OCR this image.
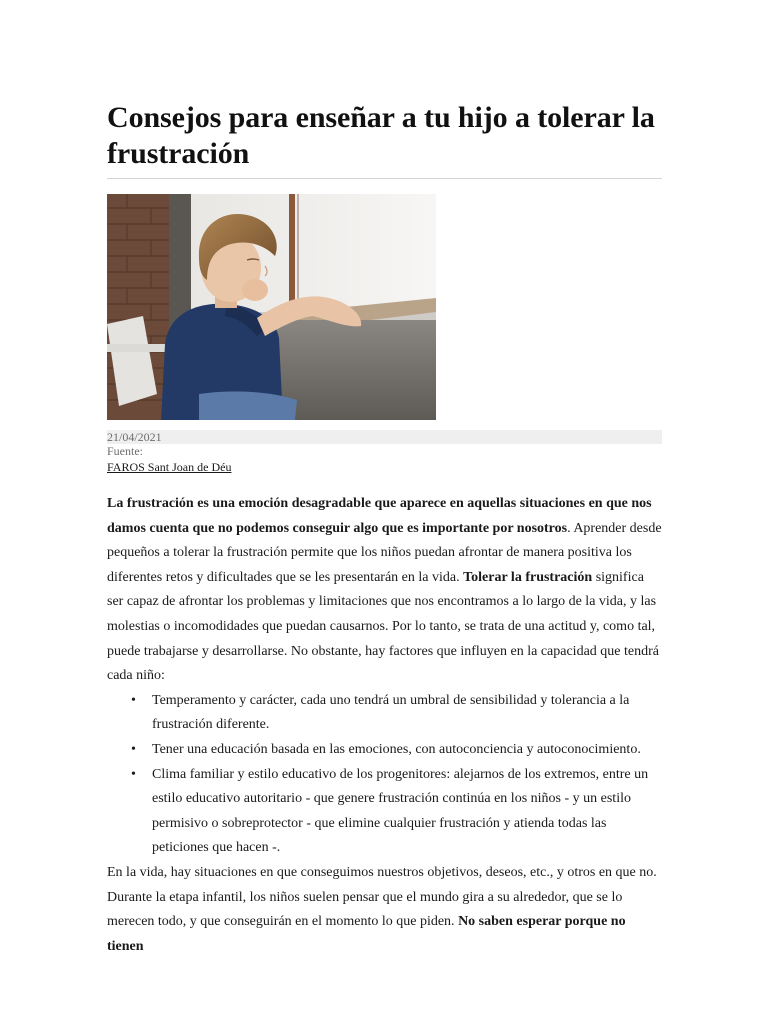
Consejos para enseñar a tu hijo a tolerar la frustración
21/04/2021
Fuente:
FAROS Sant Joan de Déu

La frustración es una emoción desagradable que aparece en aquellas situaciones en que nos damos cuenta que no podemos conseguir algo que es importante por nosotros. Aprender desde pequeños a tolerar la frustración permite que los niños puedan afrontar de manera positiva los diferentes retos y dificultades que se les presentarán en la vida. Tolerar la frustración significa ser capaz de afrontar los problemas y limitaciones que nos encontramos a lo largo de la vida, y las molestias o incomodidades que puedan causarnos. Por lo tanto, se trata de una actitud y, como tal, puede trabajarse y desarrollarse. No obstante, hay factores que influyen en la capacidad que tendrá cada niño:

• Temperamento y carácter, cada uno tendrá un umbral de sensibilidad y tolerancia a la frustración diferente.
• Tener una educación basada en las emociones, con autoconciencia y autoconocimiento.
• Clima familiar y estilo educativo de los progenitores: alejarnos de los extremos, entre un estilo educativo autoritario - que genere frustración continúa en los niños - y un estilo permisivo o sobreprotector - que elimine cualquier frustración y atienda todas las peticiones que hacen -.

En la vida, hay situaciones en que conseguimos nuestros objetivos, deseos, etc., y otros en que no. Durante la etapa infantil, los niños suelen pensar que el mundo gira a su alrededor, que se lo merecen todo, y que conseguirán en el momento lo que piden. No saben esperar porque no tienen
